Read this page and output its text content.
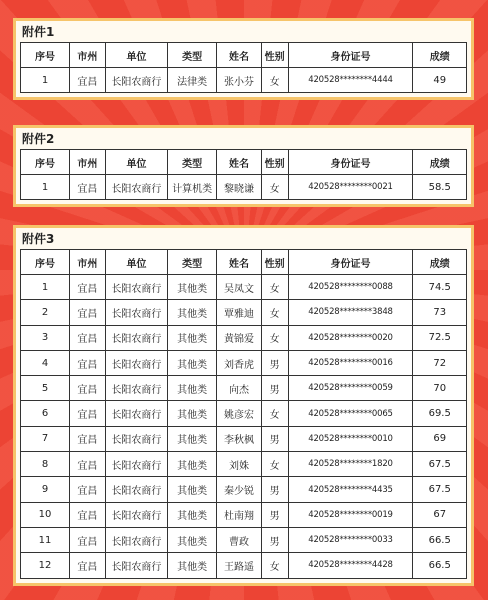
附件1
序号	市州	单位	类型	姓名	性别	身份证号	成绩
1	宜昌	长阳农商行	法律类	张小芬	女	420528********4444	49
附件2
序号	市州	单位	类型	姓名	性别	身份证号	成绩
1	宜昌	长阳农商行	计算机类	黎晓谦	女	420528********0021	58.5
附件3
序号	市州	单位	类型	姓名	性别	身份证号	成绩
1	宜昌	长阳农商行	其他类	吴凤文	女	420528********0088	74.5
2	宜昌	长阳农商行	其他类	覃雅迪	女	420528********3848	73
3	宜昌	长阳农商行	其他类	黄锦爱	女	420528********0020	72.5
4	宜昌	长阳农商行	其他类	刘香虎	男	420528********0016	72
5	宜昌	长阳农商行	其他类	向杰	男	420528********0059	70
6	宜昌	长阳农商行	其他类	姚彦宏	女	420528********0065	69.5
7	宜昌	长阳农商行	其他类	李秋枫	男	420528********0010	69
8	宜昌	长阳农商行	其他类	刘姝	女	420528********1820	67.5
9	宜昌	长阳农商行	其他类	秦少锐	男	420528********4435	67.5
10	宜昌	长阳农商行	其他类	杜南翔	男	420528********0019	67
11	宜昌	长阳农商行	其他类	曹政	男	420528********0033	66.5
12	宜昌	长阳农商行	其他类	王路遥	女	420528********4428	66.5
